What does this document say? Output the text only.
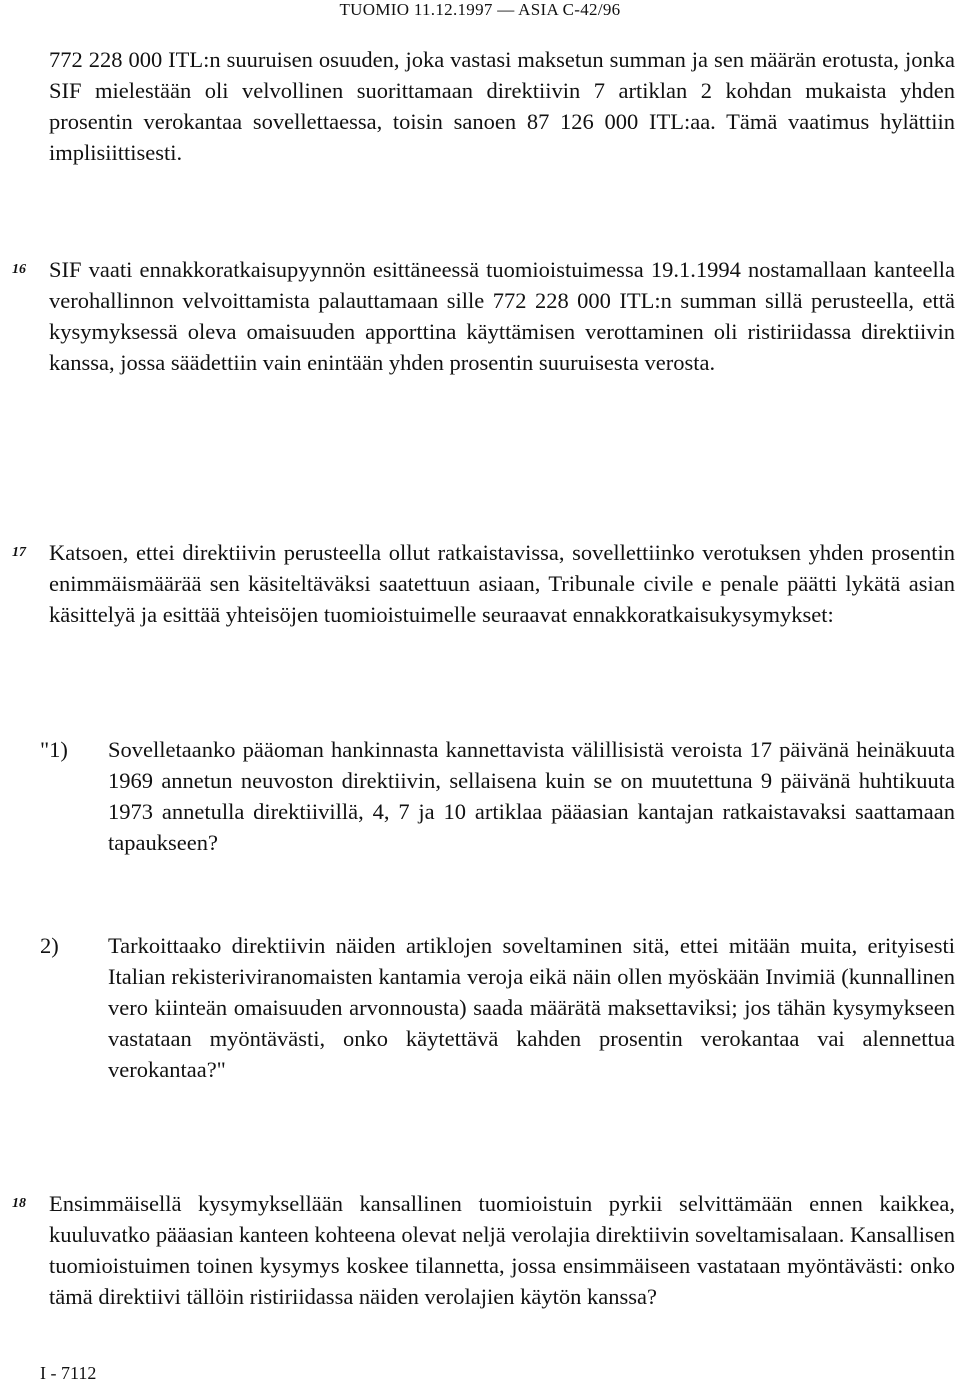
TUOMIO 11.12.1997 — ASIA C-42/96

772 228 000 ITL:n suuruisen osuuden, joka vastasi maksetun summan ja sen määrän erotusta, jonka SIF mielestään oli velvollinen suorittamaan direktiivin 7 artiklan 2 kohdan mukaista yhden prosentin verokantaa sovellettaessa, toisin sanoen 87 126 000 ITL:aa. Tämä vaatimus hylättiin implisiittisesti.

16 SIF vaati ennakkoratkaisupyynnön esittäneessä tuomioistuimessa 19.1.1994 nostamallaan kanteella verohallinnon velvoittamista palauttamaan sille 772 228 000 ITL:n summan sillä perusteella, että kysymyksessä oleva omaisuuden apporttina käyttämisen verottaminen oli ristiriidassa direktiivin kanssa, jossa säädettiin vain enintään yhden prosentin suuruisesta verosta.

17 Katsoen, ettei direktiivin perusteella ollut ratkaistavissa, sovellettiinko verotuksen yhden prosentin enimmäismäärää sen käsiteltäväksi saatettuun asiaan, Tribunale civile e penale päätti lykätä asian käsittelyä ja esittää yhteisöjen tuomioistuimelle seuraavat ennakkoratkaisukysymykset:

"1)	Sovelletaanko pääoman hankinnasta kannettavista välillisistä veroista 17 päivänä heinäkuuta 1969 annetun neuvoston direktiivin, sellaisena kuin se on muutettuna 9 päivänä huhtikuuta 1973 annetulla direktiivillä, 4, 7 ja 10 artiklaa pääasian kantajan ratkaistavaksi saattamaan tapaukseen?
2)	Tarkoittaako direktiivin näiden artiklojen soveltaminen sitä, ettei mitään muita, erityisesti Italian rekisteriviranomaisten kantamia veroja eikä näin ollen myöskään Invimiä (kunnallinen vero kiinteän omaisuuden arvonnousta) saada määrätä maksettaviksi; jos tähän kysymykseen vastataan myöntävästi, onko käytettävä kahden prosentin verokantaa vai alennettua verokantaa?"
18 Ensimmäisellä kysymyksellään kansallinen tuomioistuin pyrkii selvittämään ennen kaikkea, kuuluvatko pääasian kanteen kohteena olevat neljä verolajia direktiivin soveltamisalaan. Kansallisen tuomioistuimen toinen kysymys koskee tilannetta, jossa ensimmäiseen vastataan myöntävästi: onko tämä direktiivi tällöin ristiriidassa näiden verolajien käytön kanssa?

I - 7112
